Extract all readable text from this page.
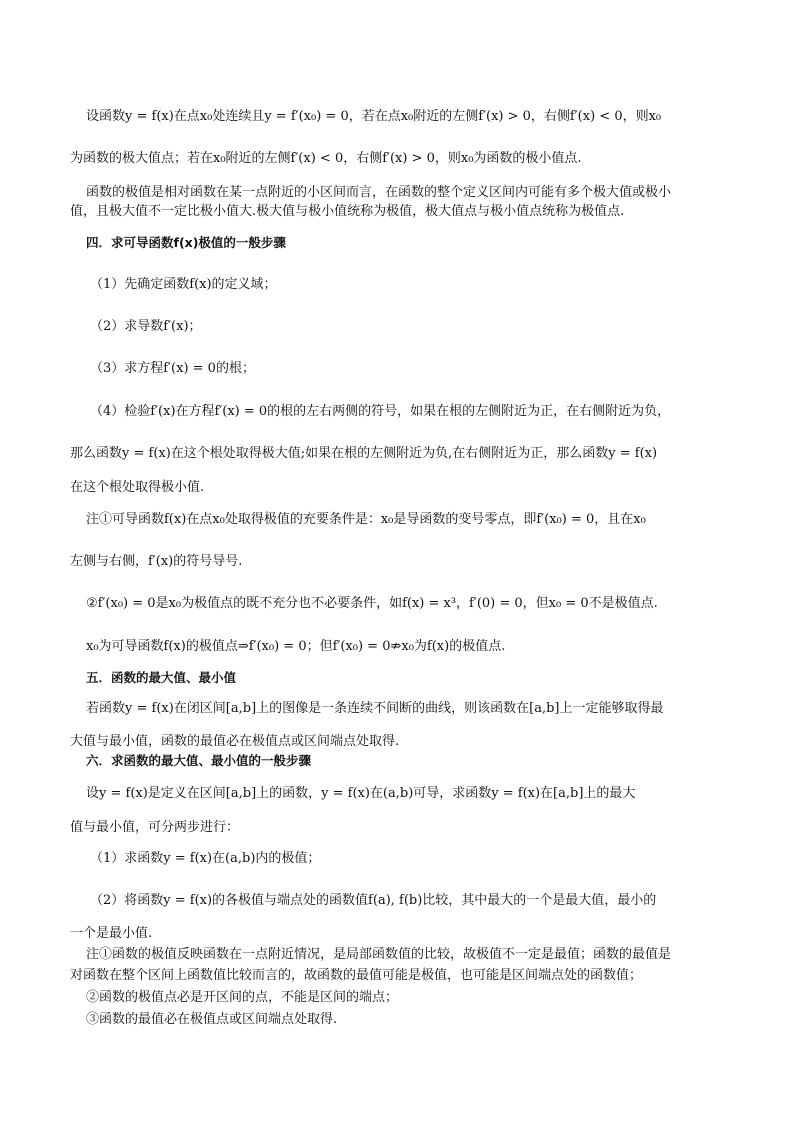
设函数y = f(x)在点x₀处连续且y = f′(x₀) = 0，若在点x₀附近的左侧f′(x) > 0，右侧f′(x) < 0，则x₀
为函数的极大值点；若在x₀附近的左侧f′(x) < 0，右侧f′(x) > 0，则x₀为函数的极小值点.
函数的极值是相对函数在某一点附近的小区间而言，在函数的整个定义区间内可能有多个极大值或极小
值，且极大值不一定比极小值大.极大值与极小值统称为极值，极大值点与极小值点统称为极值点.
四．求可导函数f(x)极值的一般步骤
（1）先确定函数f(x)的定义域；
（2）求导数f′(x)；
（3）求方程f′(x) = 0的根；
（4）检验f′(x)在方程f′(x) = 0的根的左右两侧的符号，如果在根的左侧附近为正，在右侧附近为负，
那么函数y = f(x)在这个根处取得极大值;如果在根的左侧附近为负,在右侧附近为正，那么函数y = f(x)
在这个根处取得极小值.
注①可导函数f(x)在点x₀处取得极值的充要条件是：x₀是导函数的变号零点，即f′(x₀) = 0，且在x₀
左侧与右侧，f′(x)的符号导号.
②f′(x₀) = 0是x₀为极值点的既不充分也不必要条件，如f(x) = x³，f′(0) = 0，但x₀ = 0不是极值点.
x₀为可导函数f(x)的极值点⇒f′(x₀) = 0；但f′(x₀) = 0⇏x₀为f(x)的极值点.
五．函数的最大值、最小值
若函数y = f(x)在闭区间[a,b]上的图像是一条连续不间断的曲线，则该函数在[a,b]上一定能够取得最
大值与最小值，函数的最值必在极值点或区间端点处取得.
六．求函数的最大值、最小值的一般步骤
设y = f(x)是定义在区间[a,b]上的函数，y = f(x)在(a,b)可导，求函数y = f(x)在[a,b]上的最大
值与最小值，可分两步进行：
（1）求函数y = f(x)在(a,b)内的极值；
（2）将函数y = f(x)的各极值与端点处的函数值f(a), f(b)比较，其中最大的一个是最大值，最小的
一个是最小值.
注①函数的极值反映函数在一点附近情况，是局部函数值的比较，故极值不一定是最值；函数的最值是
对函数在整个区间上函数值比较而言的，故函数的最值可能是极值，也可能是区间端点处的函数值；
②函数的极值点必是开区间的点，不能是区间的端点；
③函数的最值必在极值点或区间端点处取得.
